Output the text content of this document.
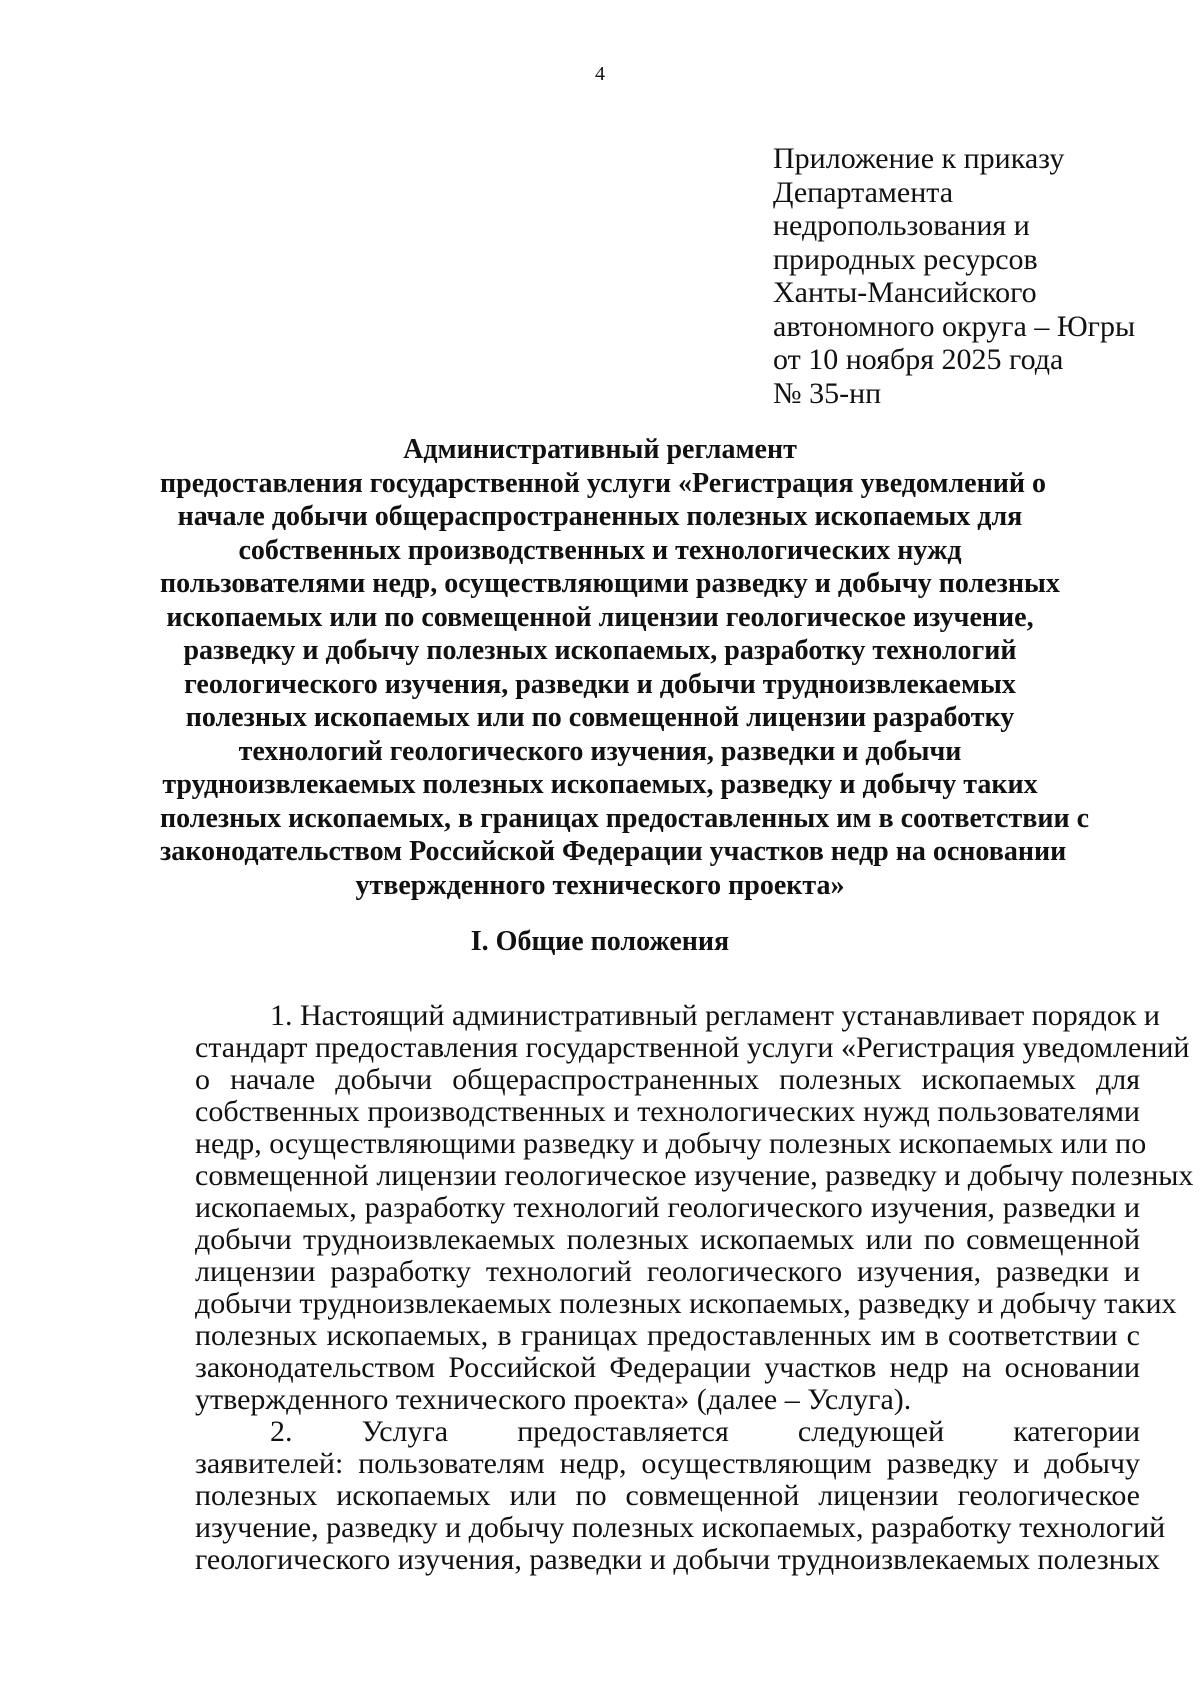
4
Приложение к приказу
Департамента
недропользования и
природных ресурсов
Ханты-Мансийского
автономного округа – Югры
от 10 ноября 2025 года
№ 35-нп
Административный регламент
предоставления государственной услуги «Регистрация уведомлений о
начале добычи общераспространенных полезных ископаемых для
собственных производственных и технологических нужд
пользователями недр, осуществляющими разведку и добычу полезных
ископаемых или по совмещенной лицензии геологическое изучение,
разведку и добычу полезных ископаемых, разработку технологий
геологического изучения, разведки и добычи трудноизвлекаемых
полезных ископаемых или по совмещенной лицензии разработку
технологий геологического изучения, разведки и добычи
трудноизвлекаемых полезных ископаемых, разведку и добычу таких
полезных ископаемых, в границах предоставленных им в соответствии с
законодательством Российской Федерации участков недр на основании
утвержденного технического проекта»
I. Общие положения
1. Настоящий административный регламент устанавливает порядок и
стандарт предоставления государственной услуги «Регистрация уведомлений
о начале добычи общераспространенных полезных ископаемых для
собственных производственных и технологических нужд пользователями
недр, осуществляющими разведку и добычу полезных ископаемых или по
совмещенной лицензии геологическое изучение, разведку и добычу полезных
ископаемых, разработку технологий геологического изучения, разведки и
добычи трудноизвлекаемых полезных ископаемых или по совмещенной
лицензии разработку технологий геологического изучения, разведки и
добычи трудноизвлекаемых полезных ископаемых, разведку и добычу таких
полезных ископаемых, в границах предоставленных им в соответствии с
законодательством Российской Федерации участков недр на основании
утвержденного технического проекта» (далее – Услуга).
2. Услуга предоставляется следующей категории
заявителей: пользователям недр, осуществляющим разведку и добычу
полезных ископаемых или по совмещенной лицензии геологическое
изучение, разведку и добычу полезных ископаемых, разработку технологий
геологического изучения, разведки и добычи трудноизвлекаемых полезных
